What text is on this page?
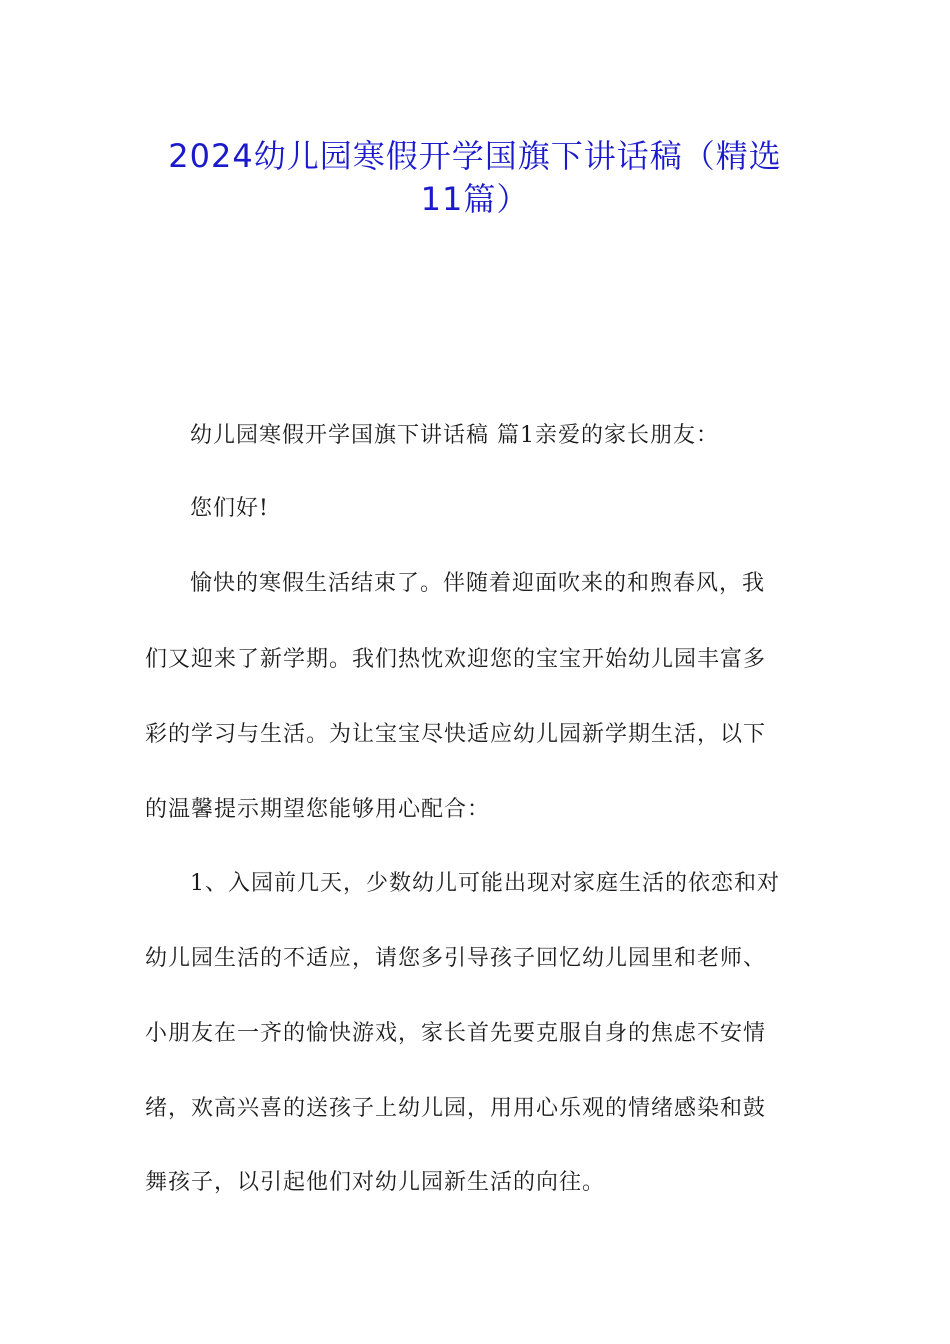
2024幼儿园寒假开学国旗下讲话稿（精选
11篇）
幼儿园寒假开学国旗下讲话稿 篇1亲爱的家长朋友：
您们好!
愉快的寒假生活结束了。伴随着迎面吹来的和煦春风，我
们又迎来了新学期。我们热忱欢迎您的宝宝开始幼儿园丰富多
彩的学习与生活。为让宝宝尽快适应幼儿园新学期生活，以下
的温馨提示期望您能够用心配合：
1、入园前几天，少数幼儿可能出现对家庭生活的依恋和对
幼儿园生活的不适应，请您多引导孩子回忆幼儿园里和老师、
小朋友在一齐的愉快游戏，家长首先要克服自身的焦虑不安情
绪，欢高兴喜的送孩子上幼儿园，用用心乐观的情绪感染和鼓
舞孩子，以引起他们对幼儿园新生活的向往。
